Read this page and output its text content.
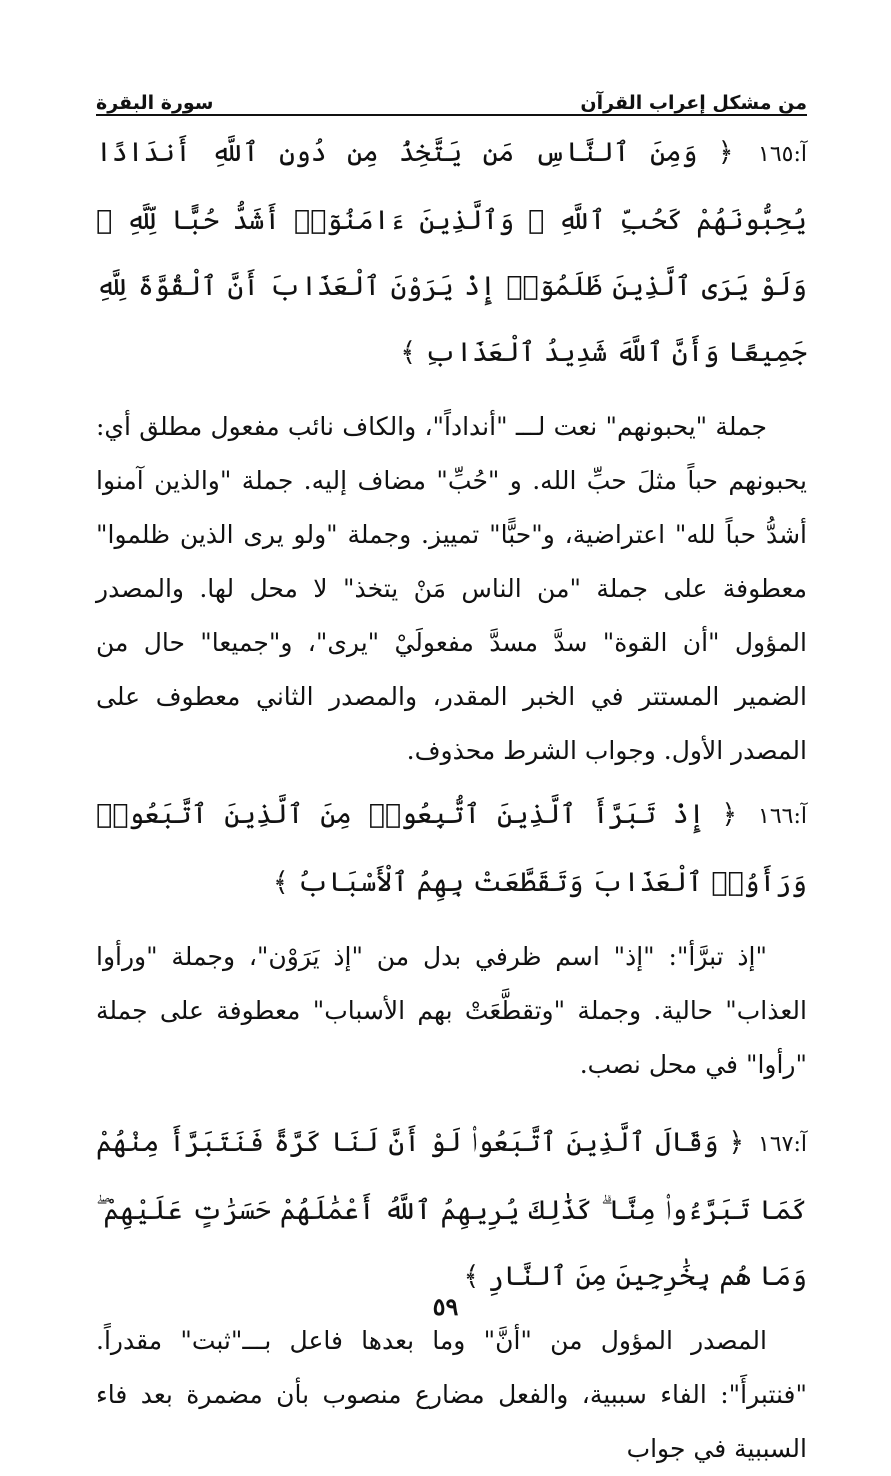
من مشكل إعراب القرآن
سورة البقرة

آ:١٦٥ ﴿ وَمِنَ ٱلنَّاسِ مَن يَتَّخِذُ مِن دُونِ ٱللَّهِ أَندَادًا يُحِبُّونَهُمْ كَحُبِّ ٱللَّهِ ۖ وَٱلَّذِينَ ءَامَنُوٓا۟ أَشَدُّ حُبًّا لِّلَّهِ ۗ وَلَوْ يَرَى ٱلَّذِينَ ظَلَمُوٓا۟ إِذْ يَرَوْنَ ٱلْعَذَابَ أَنَّ ٱلْقُوَّةَ لِلَّهِ جَمِيعًا وَأَنَّ ٱللَّهَ شَدِيدُ ٱلْعَذَابِ ﴾

جملة "يحبونهم" نعت لـــ "أنداداً"، والكاف نائب مفعول مطلق أي: يحبونهم حباً مثلَ حبِّ الله. و "حُبِّ" مضاف إليه. جملة "والذين آمنوا أشدُّ حباً لله" اعتراضية، و"حبًّا" تمييز. وجملة "ولو يرى الذين ظلموا" معطوفة على جملة "من الناس مَنْ يتخذ" لا محل لها. والمصدر المؤول "أن القوة" سدَّ مسدَّ مفعولَيْ "يرى"، و"جميعا" حال من الضمير المستتر في الخبر المقدر، والمصدر الثاني معطوف على المصدر الأول. وجواب الشرط محذوف.

آ:١٦٦ ﴿ إِذْ تَبَرَّأَ ٱلَّذِينَ ٱتُّبِعُوا۟ مِنَ ٱلَّذِينَ ٱتَّبَعُوا۟ وَرَأَوُا۟ ٱلْعَذَابَ وَتَقَطَّعَتْ بِهِمُ ٱلْأَسْبَابُ ﴾

"إذ تبرَّأ": "إذ" اسم ظرفي بدل من "إذ يَرَوْن"، وجملة "ورأوا العذاب" حالية. وجملة "وتقطَّعَتْ بهم الأسباب" معطوفة على جملة "رأوا" في محل نصب.

آ:١٦٧ ﴿ وَقَالَ ٱلَّذِينَ ٱتَّبَعُوا۟ لَوْ أَنَّ لَنَا كَرَّةً فَنَتَبَرَّأَ مِنْهُمْ كَمَا تَبَرَّءُوا۟ مِنَّا ۗ كَذَٰلِكَ يُرِيهِمُ ٱللَّهُ أَعْمَٰلَهُمْ حَسَرَٰتٍ عَلَيْهِمْ ۖ وَمَا هُم بِخَٰرِجِينَ مِنَ ٱلنَّارِ ﴾

المصدر المؤول من "أنَّ" وما بعدها فاعل بـــ"ثبت" مقدراً. "فنتبرأَ": الفاء سببية، والفعل مضارع منصوب بأن مضمرة بعد فاء السببية في جواب

٥٩
